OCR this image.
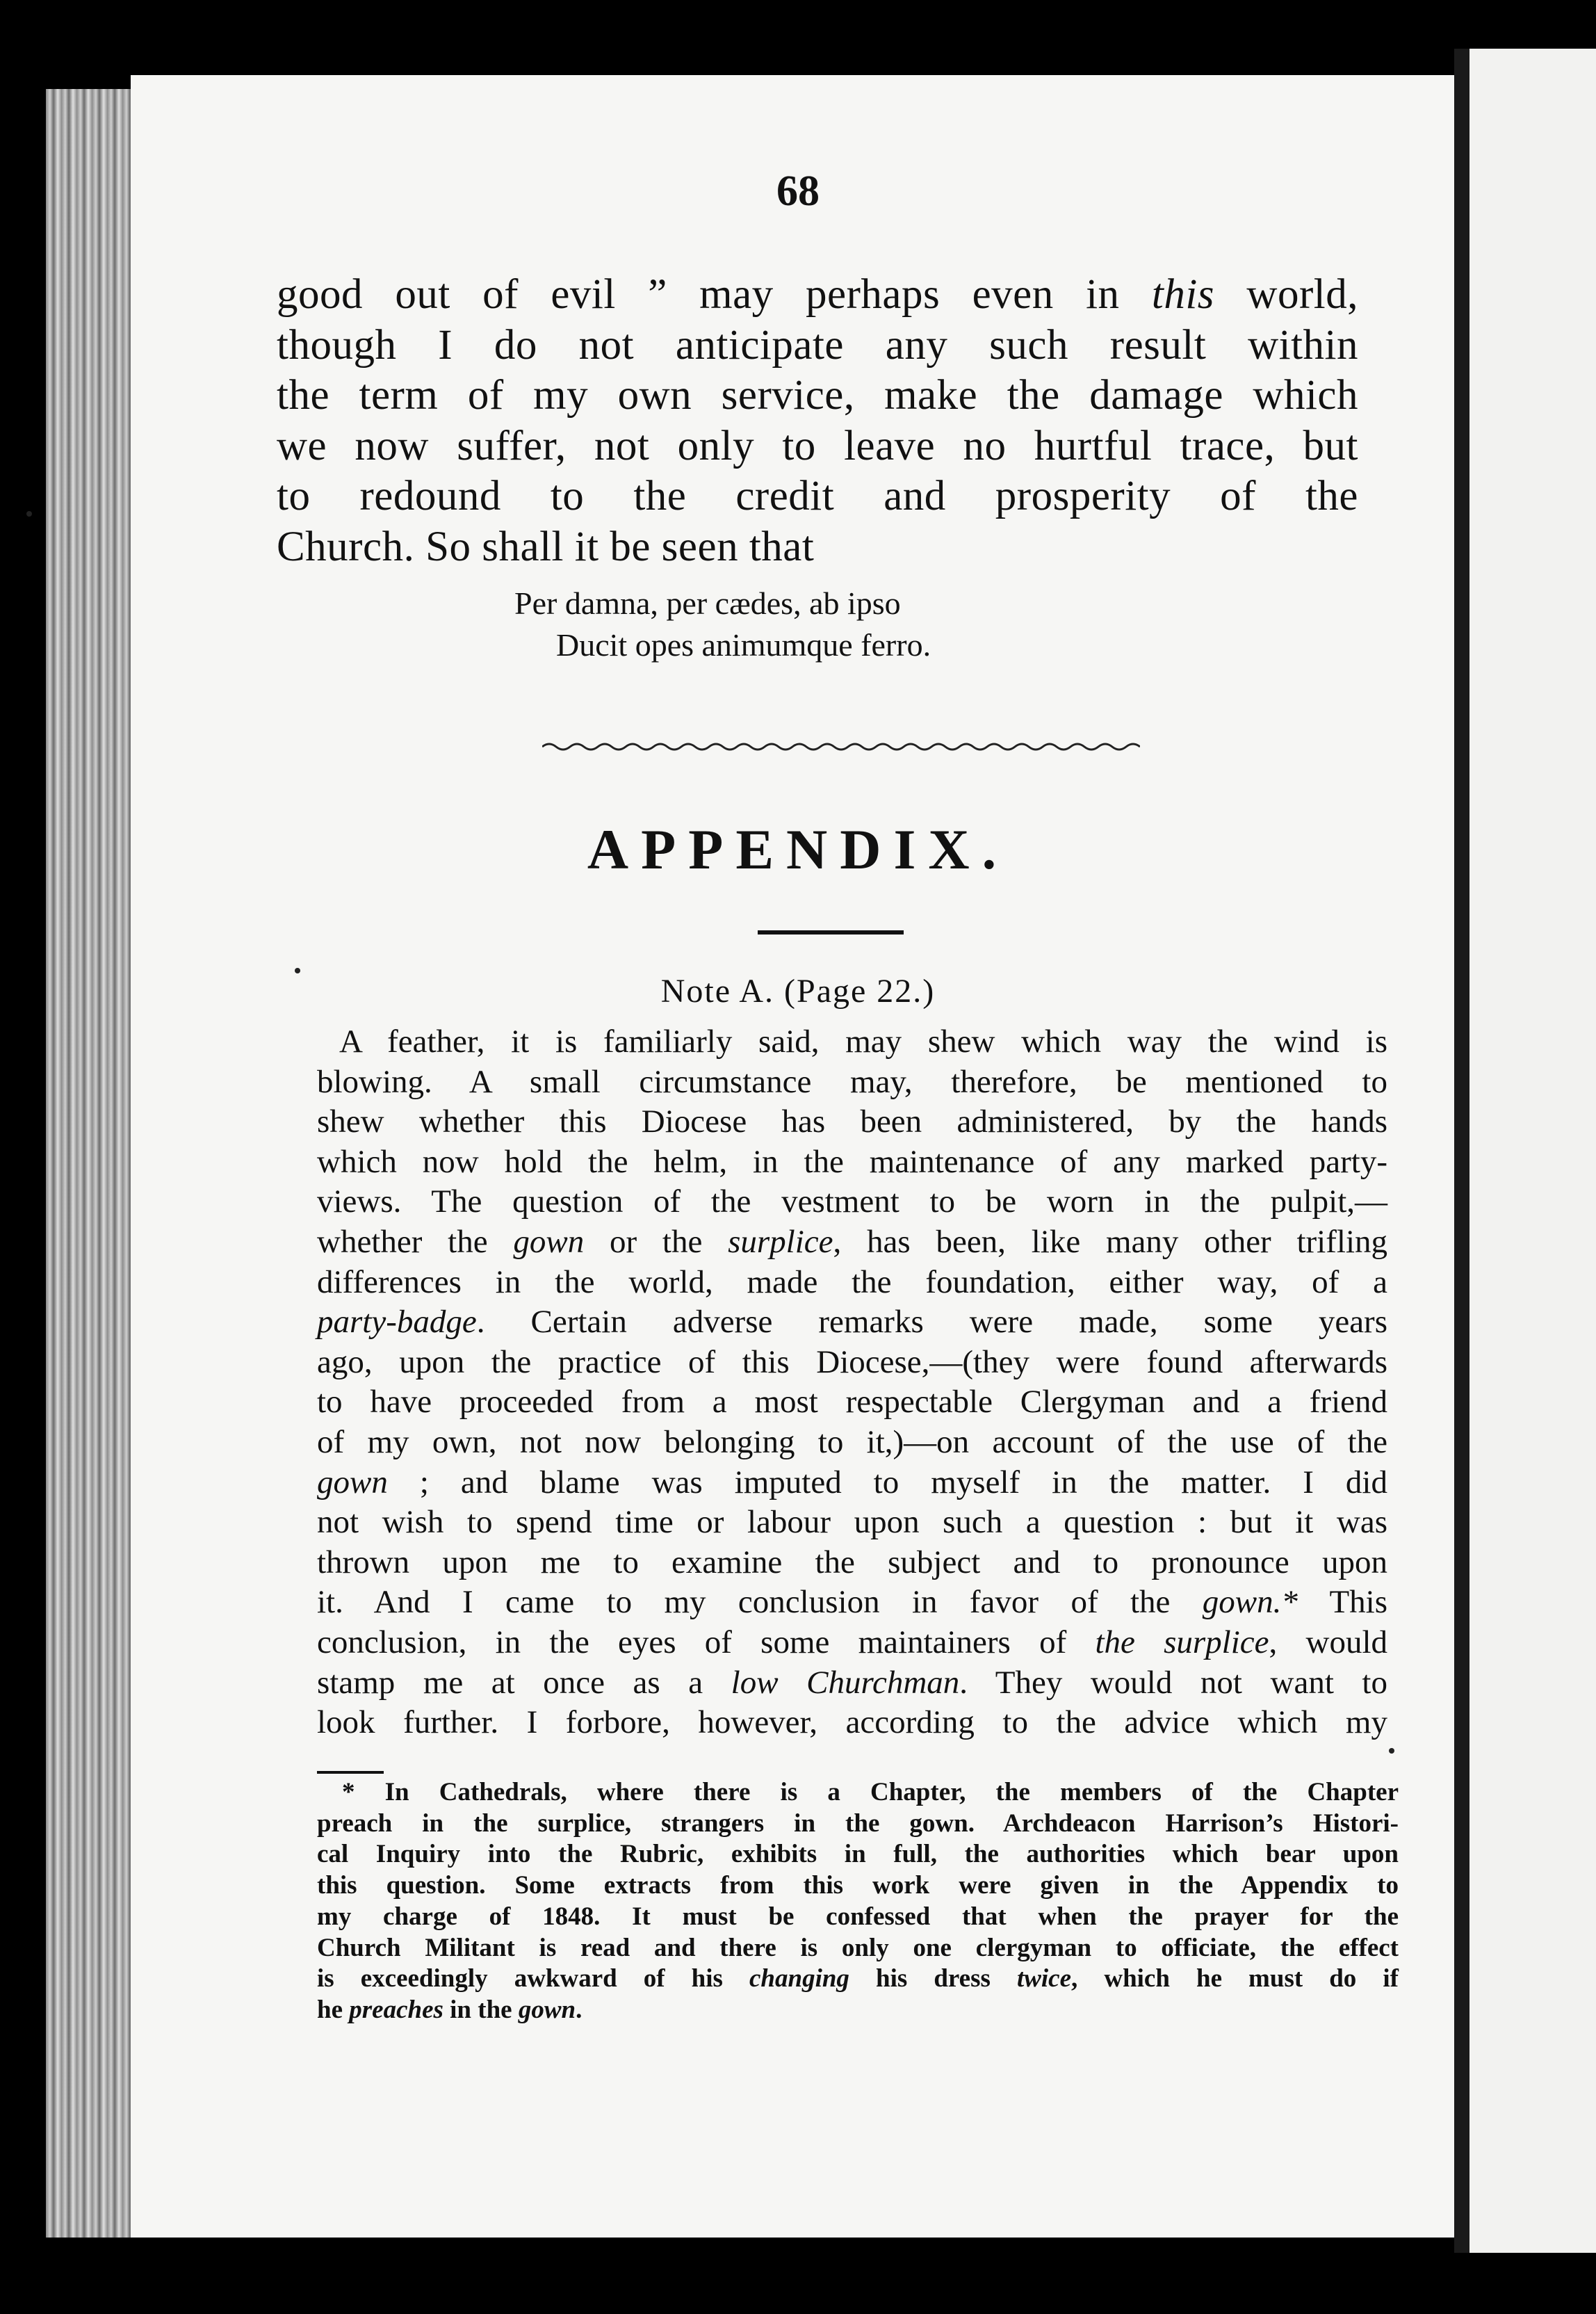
68
good out of evil ” may perhaps even in this world,
though I do not anticipate any such result within
the term of my own service, make the damage which
we now suffer, not only to leave no hurtful trace, but
to redound to the credit and prosperity of the
Church. So shall it be seen that
Per damna, per cædes, ab ipso
Ducit opes animumque ferro.
APPENDIX.
Note A. (Page 22.)
A feather, it is familiarly said, may shew which way the wind is
blowing. A small circumstance may, therefore, be mentioned to
shew whether this Diocese has been administered, by the hands
which now hold the helm, in the maintenance of any marked party-
views. The question of the vestment to be worn in the pulpit,—
whether the gown or the surplice, has been, like many other trifling
differences in the world, made the foundation, either way, of a
party-badge. Certain adverse remarks were made, some years
ago, upon the practice of this Diocese,—(they were found afterwards
to have proceeded from a most respectable Clergyman and a friend
of my own, not now belonging to it,)—on account of the use of the
gown ; and blame was imputed to myself in the matter. I did
not wish to spend time or labour upon such a question : but it was
thrown upon me to examine the subject and to pronounce upon
it. And I came to my conclusion in favor of the gown.* This
conclusion, in the eyes of some maintainers of the surplice, would
stamp me at once as a low Churchman. They would not want to
look further. I forbore, however, according to the advice which my
* In Cathedrals, where there is a Chapter, the members of the Chapter
preach in the surplice, strangers in the gown. Archdeacon Harrison’s Histori-
cal Inquiry into the Rubric, exhibits in full, the authorities which bear upon
this question. Some extracts from this work were given in the Appendix to
my charge of 1848. It must be confessed that when the prayer for the
Church Militant is read and there is only one clergyman to officiate, the effect
is exceedingly awkward of his changing his dress twice, which he must do if
he preaches in the gown.
